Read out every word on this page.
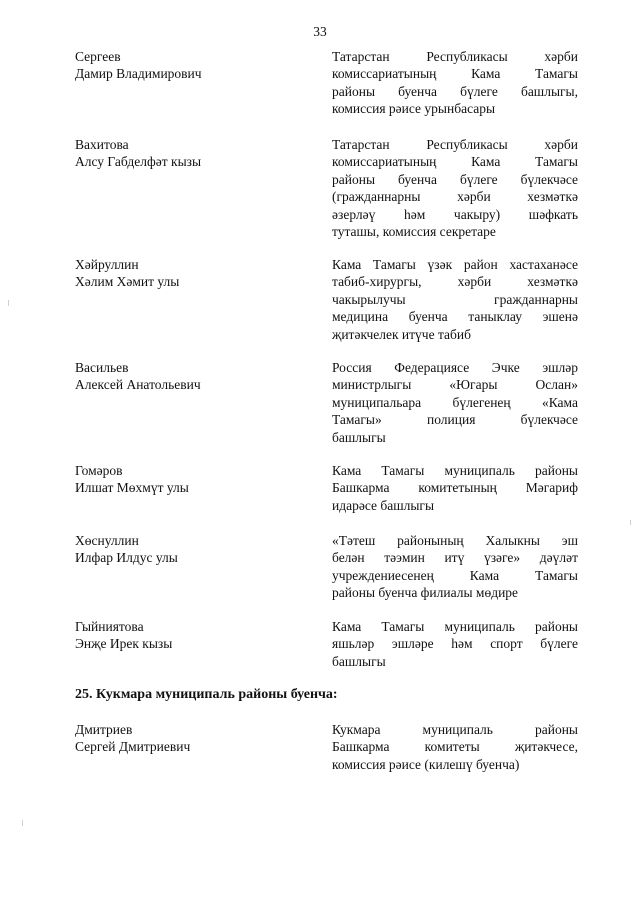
33
Сергеев
Дамир Владимирович
Татарстан Республикасы хәрби
комиссариатының Кама Тамагы
районы буенча бүлеге башлыгы,
комиссия рәисе урынбасары
Вахитова
Алсу Габделфәт кызы
Татарстан Республикасы хәрби
комиссариатының Кама Тамагы
районы буенча бүлеге бүлекчәсе
(гражданнарны хәрби хезмәткә
әзерләү һәм чакыру) шәфкать
туташы, комиссия секретаре
Хәйруллин
Хәлим Хәмит улы
Кама Тамагы үзәк район хастаханәсе
табиб-хирургы, хәрби хезмәткә
чакырылучы гражданнарны
медицина буенча таныклау эшенә
җитәкчелек итүче табиб
Васильев
Алексей Анатольевич
Россия Федерациясе Эчке эшләр
министрлыгы «Югары Ослан»
муниципальара бүлегенең «Кама
Тамагы» полиция бүлекчәсе
башлыгы
Гомәров
Илшат Мөхмүт улы
Кама Тамагы муниципаль районы
Башкарма комитетының Мәгариф
идарәсе башлыгы
Хөснуллин
Илфар Илдус улы
«Тәтеш районының Халыкны эш
белән тәэмин итү үзәге» дәүләт
учреждениесенең Кама Тамагы
районы буенча филиалы мөдире
Гыйниятова
Энҗе Ирек кызы
Кама Тамагы муниципаль районы
яшьләр эшләре һәм спорт бүлеге
башлыгы
25. Кукмара муниципаль районы буенча:
Дмитриев
Сергей Дмитриевич
Кукмара муниципаль районы
Башкарма комитеты җитәкчесе,
комиссия рәисе (килешү буенча)
